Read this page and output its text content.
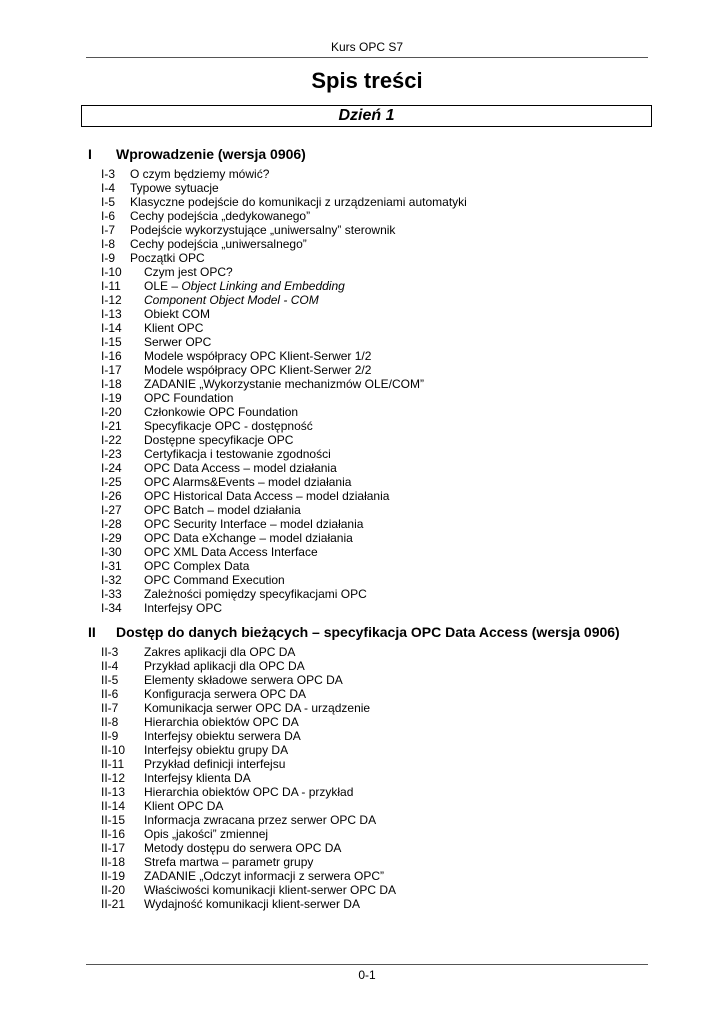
Kurs OPC S7
Spis treści
Dzień 1
I Wprowadzenie (wersja 0906)
I-3 O czym będziemy mówić?
I-4 Typowe sytuacje
I-5 Klasyczne podejście do komunikacji z urządzeniami automatyki
I-6 Cechy podejścia „dedykowanego”
I-7 Podejście wykorzystujące „uniwersalny” sterownik
I-8 Cechy podejścia „uniwersalnego”
I-9 Początki OPC
I-10 Czym jest OPC?
I-11 OLE – Object Linking and Embedding
I-12 Component Object Model - COM
I-13 Obiekt COM
I-14 Klient OPC
I-15 Serwer OPC
I-16 Modele współpracy OPC Klient-Serwer 1/2
I-17 Modele współpracy OPC Klient-Serwer 2/2
I-18 ZADANIE „Wykorzystanie mechanizmów OLE/COM”
I-19 OPC Foundation
I-20 Członkowie OPC Foundation
I-21 Specyfikacje OPC - dostępność
I-22 Dostępne specyfikacje OPC
I-23 Certyfikacja i testowanie zgodności
I-24 OPC Data Access – model działania
I-25 OPC Alarms&Events – model działania
I-26 OPC Historical Data Access – model działania
I-27 OPC Batch – model działania
I-28 OPC Security Interface – model działania
I-29 OPC Data eXchange – model działania
I-30 OPC XML Data Access Interface
I-31 OPC Complex Data
I-32 OPC Command Execution
I-33 Zależności pomiędzy specyfikacjami OPC
I-34 Interfejsy OPC
II Dostęp do danych bieżących – specyfikacja OPC Data Access (wersja 0906)
II-3 Zakres aplikacji dla OPC DA
II-4 Przykład aplikacji dla OPC DA
II-5 Elementy składowe serwera OPC DA
II-6 Konfiguracja serwera OPC DA
II-7 Komunikacja serwer OPC DA - urządzenie
II-8 Hierarchia obiektów OPC DA
II-9 Interfejsy obiektu serwera DA
II-10 Interfejsy obiektu grupy DA
II-11 Przykład definicji interfejsu
II-12 Interfejsy klienta DA
II-13 Hierarchia obiektów OPC DA - przykład
II-14 Klient OPC DA
II-15 Informacja zwracana przez serwer OPC DA
II-16 Opis „jakości” zmiennej
II-17 Metody dostępu do serwera OPC DA
II-18 Strefa martwa – parametr grupy
II-19 ZADANIE „Odczyt informacji z serwera OPC”
II-20 Właściwości komunikacji klient-serwer OPC DA
II-21 Wydajność komunikacji klient-serwer DA
0-1
